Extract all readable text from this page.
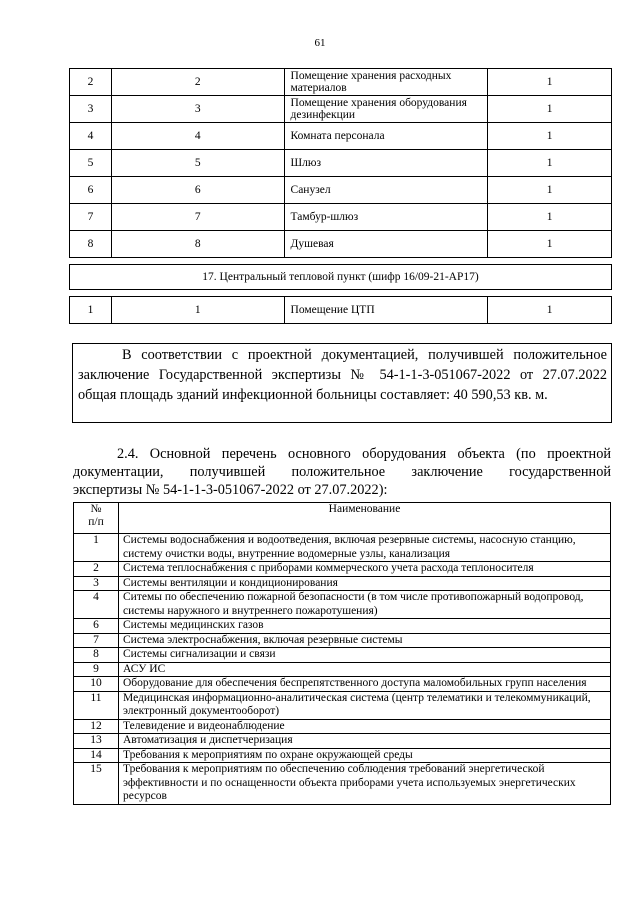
61
2	2	Помещение хранения расходных материалов	1
3	3	Помещение хранения оборудования дезинфекции	1
4	4	Комната персонала	1
5	5	Шлюз	1
6	6	Санузел	1
7	7	Тамбур-шлюз	1
8	8	Душевая	1

17. Центральный тепловой пункт (шифр 16/09-21-АР17)			

1	1	Помещение ЦТП	1

В соответствии с проектной документацией, получившей положительное

заключение Государственной экспертизы № 54-1-1-3-051067-2022 от 27.07.2022

общая площадь зданий инфекционной больницы составляет: 40 590,53 кв. м.

2.4. Основной перечень основного оборудования объекта (по проектной

документации, получившей положительное заключение государственной

экспертизы № 54-1-1-3-051067-2022 от 27.07.2022):

№
п/п	Наименование
1	Системы водоснабжения и водоотведения, включая резервные системы, насосную станцию, систему очистки воды, внутренние водомерные узлы, канализация
2	Система теплоснабжения с приборами коммерческого учета расхода теплоносителя
3	Системы вентиляции и кондиционирования
4	Ситемы по обеспечению пожарной безопасности (в том числе противопожарный водопровод, системы наружного и внутреннего пожаротушения)
6	Системы медицинских газов
7	Система электроснабжения, включая резервные системы
8	Системы сигнализации и связи
9	АСУ ИС
10	Оборудование для обеспечения беспрепятственного доступа маломобильных групп населения
11	Медицинская информационно-аналитическая система (центр телематики и телекоммуникаций, электронный документооборот)
12	Телевидение и видеонаблюдение
13	Автоматизация и диспетчеризация
14	Требования к мероприятиям по охране окружающей среды
15	Требования к мероприятиям по обеспечению соблюдения требований энергетической эффективности и по оснащенности объекта приборами учета используемых энергетических ресурсов
